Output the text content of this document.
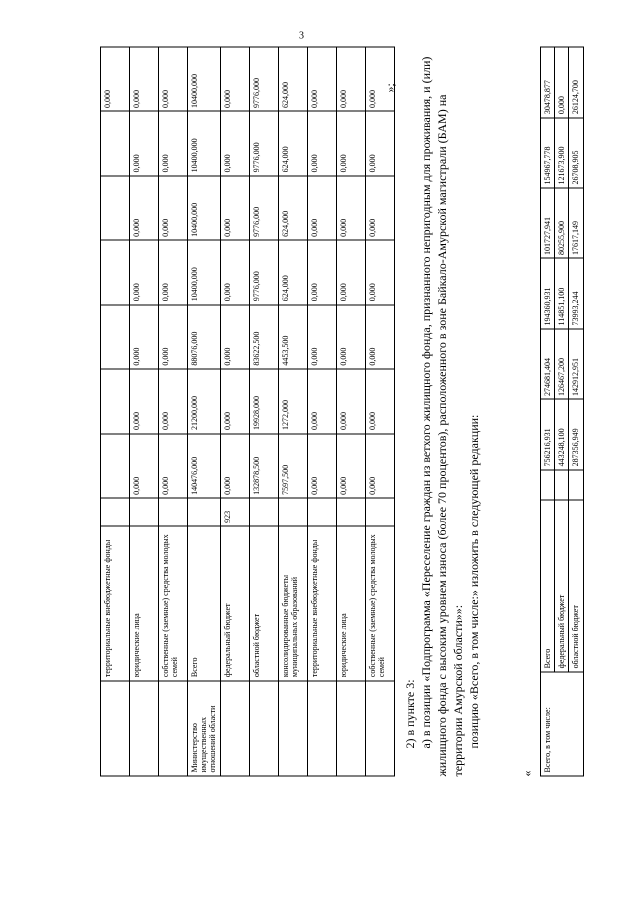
3
	территориальные внебюджетные фонды								0,000
	юридические лица		0,000	0,000	0,000	0,000	0,000	0,000	0,000
	собственные (заемные) средства молодых семей		0,000	0,000	0,000	0,000	0,000	0,000	0,000
Министерство имущественных отношений области	Всего		140476,000	21200,000	88076,000	10400,000	10400,000	10400,000	10400,000
	федеральный бюджет	923	0,000	0,000	0,000	0,000	0,000	0,000	0,000
	областной бюджет		132878,500	19928,000	83622,500	9776,000	9776,000	9776,000	9776,000
	консолидированные бюджеты муниципальных образований		7597,500	1272,000	4453,500	624,000	624,000	624,000	624,000
	территориальные внебюджетные фонды		0,000	0,000	0,000	0,000	0,000	0,000	0,000
	юридические лица		0,000	0,000	0,000	0,000	0,000	0,000	0,000
	собственные (заемные) средства молодых семей		0,000	0,000	0,000	0,000	0,000	0,000	0,000
»;

2) в пункте 3: а) в позиции «Подпрограмма «Переселение граждан из ветхого жилищного фонда, признанного непригодным для проживания, и (или) жилищного фонда с высоким уровнем износа (более 70 процентов), расположенного в зоне Байкало-Амурской магистрали (БАМ) на территории Амурской области»»: позицию «Всего, в том числе:» изложить в следующей редакции:

«
Всего, в том числе:	Всего		756216,931	274681,404	194360,931	101727,941	154967,778	30478,877
	федеральный бюджет		443248,100	126467,200	114851,100	80255,900	121673,900	0,000
	областной бюджет		287356,949	142912,951	73993,244	17617,149	26708,905	26124,700
